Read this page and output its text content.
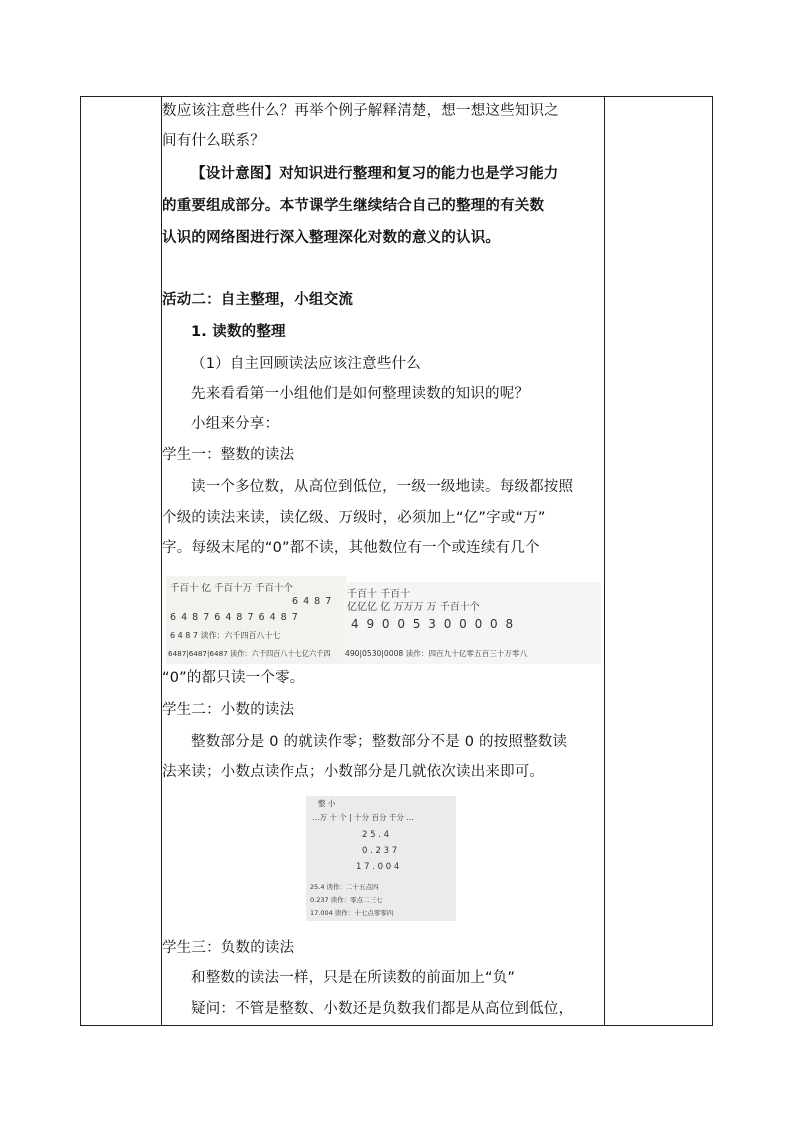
数应该注意些什么？再举个例子解释清楚，想一想这些知识之
间有什么联系？
【设计意图】对知识进行整理和复习的能力也是学习能力
的重要组成部分。本节课学生继续结合自己的整理的有关数
认识的网络图进行深入整理深化对数的意义的认识。
活动二：自主整理，小组交流
1. 读数的整理
（1）自主回顾读法应该注意些什么
先来看看第一小组他们是如何整理读数的知识的呢？
小组来分享：
学生一：整数的读法
读一个多位数，从高位到低位，一级一级地读。每级都按照
个级的读法来读，读亿级、万级时，必须加上“亿”字或“万”
字。每级末尾的“0”都不读，其他数位有一个或连续有几个
千百十 亿 千百十万 千百十个
6 4 8 7
6 4 8 7 6 4 8 7 6 4 8 7
6 4 8 7 读作：六千四百八十七
6487|6487|6487 读作：六千四百八十七亿六千四
千百十 千百十
亿亿亿 亿 万万万 万 千百十个
4 9 0 0 5 3 0 0 0 0 8
490|0530|0008 读作：四百九十亿零五百三十万零八
“0”的都只读一个零。
学生二：小数的读法
整数部分是 0 的就读作零；整数部分不是 0 的按照整数读
法来读；小数点读作点；小数部分是几就依次读出来即可。
整 小
…万 十 个 | 十分 百分 千分 …
2 5 . 4
0 . 2 3 7
1 7 . 0 0 4
25.4 读作：二十五点四
0.237 读作：零点二三七
17.004 读作：十七点零零四
学生三：负数的读法
和整数的读法一样，只是在所读数的前面加上“负”
疑问：不管是整数、小数还是负数我们都是从高位到低位，
